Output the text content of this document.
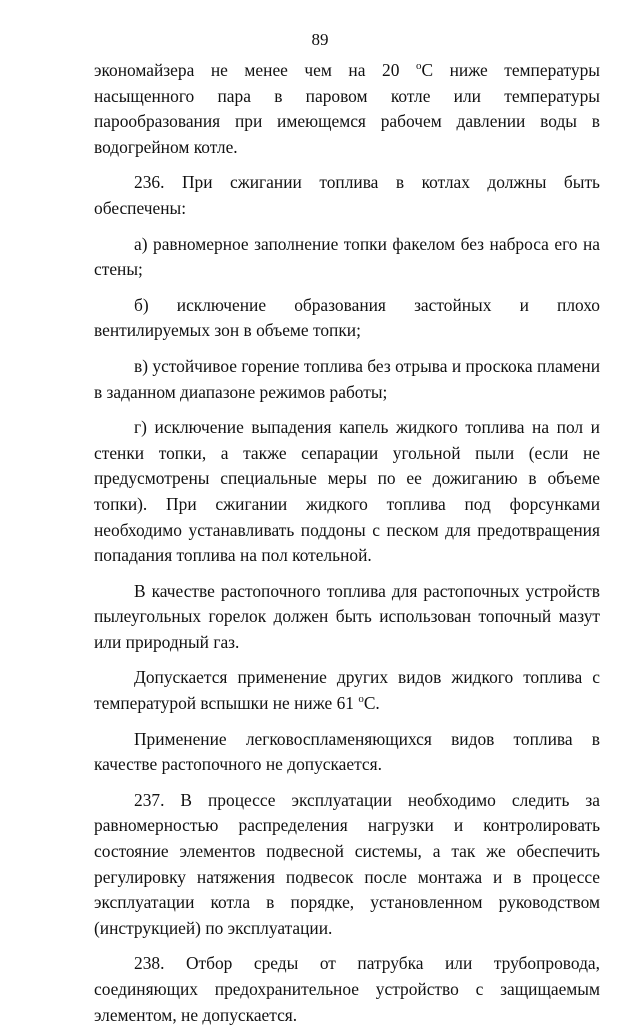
89

экономайзера не менее чем на 20 $^о$С ниже температуры насыщенного пара в паровом котле или температуры парообразования при имеющемся рабочем давлении воды в водогрейном котле.

236. При сжигании топлива в котлах должны быть обеспечены:

а) равномерное заполнение топки факелом без наброса его на стены;

б) исключение образования застойных и плохо вентилируемых зон в объеме топки;

в) устойчивое горение топлива без отрыва и проскока пламени в заданном диапазоне режимов работы;

г) исключение выпадения капель жидкого топлива на пол и стенки топки, а также сепарации угольной пыли (если не предусмотрены специальные меры по ее дожиганию в объеме топки). При сжигании жидкого топлива под форсунками необходимо устанавливать поддоны с песком для предотвращения попадания топлива на пол котельной.

В качестве растопочного топлива для растопочных устройств пылеугольных горелок должен быть использован топочный мазут или природный газ.

Допускается применение других видов жидкого топлива с температурой вспышки не ниже 61 $^о$С.

Применение легковоспламеняющихся видов топлива в качестве растопочного не допускается.

237. В процессе эксплуатации необходимо следить за равномерностью распределения нагрузки и контролировать состояние элементов подвесной системы, а так же обеспечить регулировку натяжения подвесок после монтажа и в процессе эксплуатации котла в порядке, установленном руководством (инструкцией) по эксплуатации.

238. Отбор среды от патрубка или трубопровода, соединяющих предохранительное устройство с защищаемым элементом, не допускается.
